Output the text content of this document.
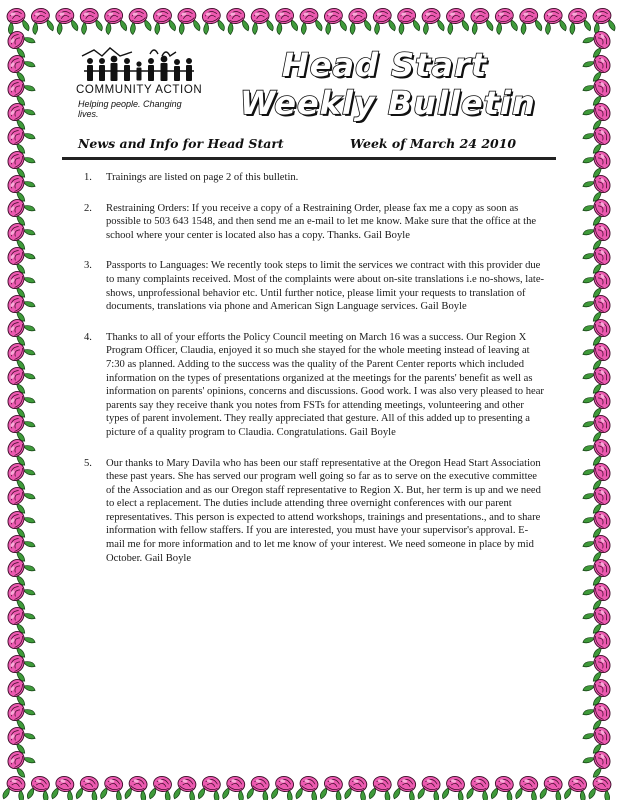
COMMUNITY ACTION
Helping people. Changing lives.
Head Start
Weekly Bulletin
News and Info for Head Start	Week of March 24 2010
1. Trainings are listed on page 2 of this bulletin.
2. Restraining Orders: If you receive a copy of a Restraining Order, please fax me a copy as soon as possible to 503 643 1548, and then send me an e-mail to let me know. Make sure that the office at the school where your center is located also has a copy. Thanks. Gail Boyle
3. Passports to Languages: We recently took steps to limit the services we contract with this provider due to many complaints received. Most of the complaints were about on-site translations i.e no-shows, late-shows, unprofessional behavior etc. Until further notice, please limit your requests to translation of documents, translations via phone and American Sign Language services. Gail Boyle
4. Thanks to all of your efforts the Policy Council meeting on March 16 was a success. Our Region X Program Officer, Claudia, enjoyed it so much she stayed for the whole meeting instead of leaving at 7:30 as planned. Adding to the success was the quality of the Parent Center reports which included information on the types of presentations organized at the meetings for the parents' benefit as well as information on parents' opinions, concerns and discussions. Good work. I was also very pleased to hear parents say they receive thank you notes from FSTs for attending meetings, volunteering and other types of parent involement. They really appreciated that gesture. All of this added up to presenting a picture of a quality program to Claudia. Congratulations. Gail Boyle
5. Our thanks to Mary Davila who has been our staff representative at the Oregon Head Start Association these past years. She has served our program well going so far as to serve on the executive committee of the Association and as our Oregon staff representative to Region X. But, her term is up and we need to elect a replacement. The duties include attending three overnight conferences with our parent representatives. This person is expected to attend workshops, trainings and presentations., and to share information with fellow staffers. If you are interested, you must have your supervisor's approval. E-mail me for more information and to let me know of your interest. We need someone in place by mid October. Gail Boyle
